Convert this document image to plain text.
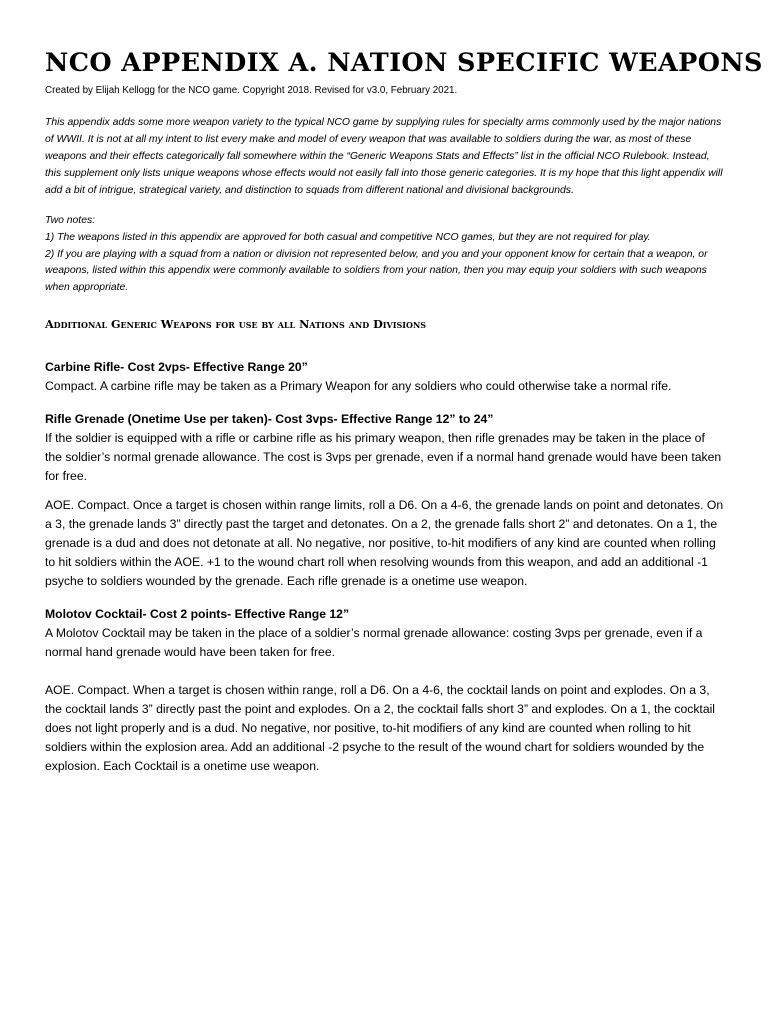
NCO APPENDIX A. NATION SPECIFIC WEAPONS
Created by Elijah Kellogg for the NCO game. Copyright 2018. Revised for v3.0, February 2021.

This appendix adds some more weapon variety to the typical NCO game by supplying rules for specialty arms commonly used by the major nations of WWII. It is not at all my intent to list every make and model of every weapon that was available to soldiers during the war, as most of these weapons and their effects categorically fall somewhere within the “Generic Weapons Stats and Effects” list in the official NCO Rulebook. Instead, this supplement only lists unique weapons whose effects would not easily fall into those generic categories. It is my hope that this light appendix will add a bit of intrigue, strategical variety, and distinction to squads from different national and divisional backgrounds.

Two notes:

1) The weapons listed in this appendix are approved for both casual and competitive NCO games, but they are not required for play.

2) If you are playing with a squad from a nation or division not represented below, and you and your opponent know for certain that a weapon, or weapons, listed within this appendix were commonly available to soldiers from your nation, then you may equip your soldiers with such weapons when appropriate.

Additional Generic Weapons for use by all Nations and Divisions

Carbine Rifle- Cost 2vps- Effective Range 20”

Compact. A carbine rifle may be taken as a Primary Weapon for any soldiers who could otherwise take a normal rife.

Rifle Grenade (Onetime Use per taken)- Cost 3vps- Effective Range 12” to 24”

If the soldier is equipped with a rifle or carbine rifle as his primary weapon, then rifle grenades may be taken in the place of the soldier’s normal grenade allowance. The cost is 3vps per grenade, even if a normal hand grenade would have been taken for free.

AOE. Compact. Once a target is chosen within range limits, roll a D6. On a 4-6, the grenade lands on point and detonates. On a 3, the grenade lands 3” directly past the target and detonates. On a 2, the grenade falls short 2” and detonates. On a 1, the grenade is a dud and does not detonate at all. No negative, nor positive, to-hit modifiers of any kind are counted when rolling to hit soldiers within the AOE. +1 to the wound chart roll when resolving wounds from this weapon, and add an additional -1 psyche to soldiers wounded by the grenade. Each rifle grenade is a onetime use weapon.

Molotov Cocktail- Cost 2 points- Effective Range 12”

A Molotov Cocktail may be taken in the place of a soldier’s normal grenade allowance: costing 3vps per grenade, even if a normal hand grenade would have been taken for free.

AOE. Compact. When a target is chosen within range, roll a D6. On a 4-6, the cocktail lands on point and explodes. On a 3, the cocktail lands 3” directly past the point and explodes. On a 2, the cocktail falls short 3” and explodes. On a 1, the cocktail does not light properly and is a dud. No negative, nor positive, to-hit modifiers of any kind are counted when rolling to hit soldiers within the explosion area. Add an additional -2 psyche to the result of the wound chart for soldiers wounded by the explosion. Each Cocktail is a onetime use weapon.
